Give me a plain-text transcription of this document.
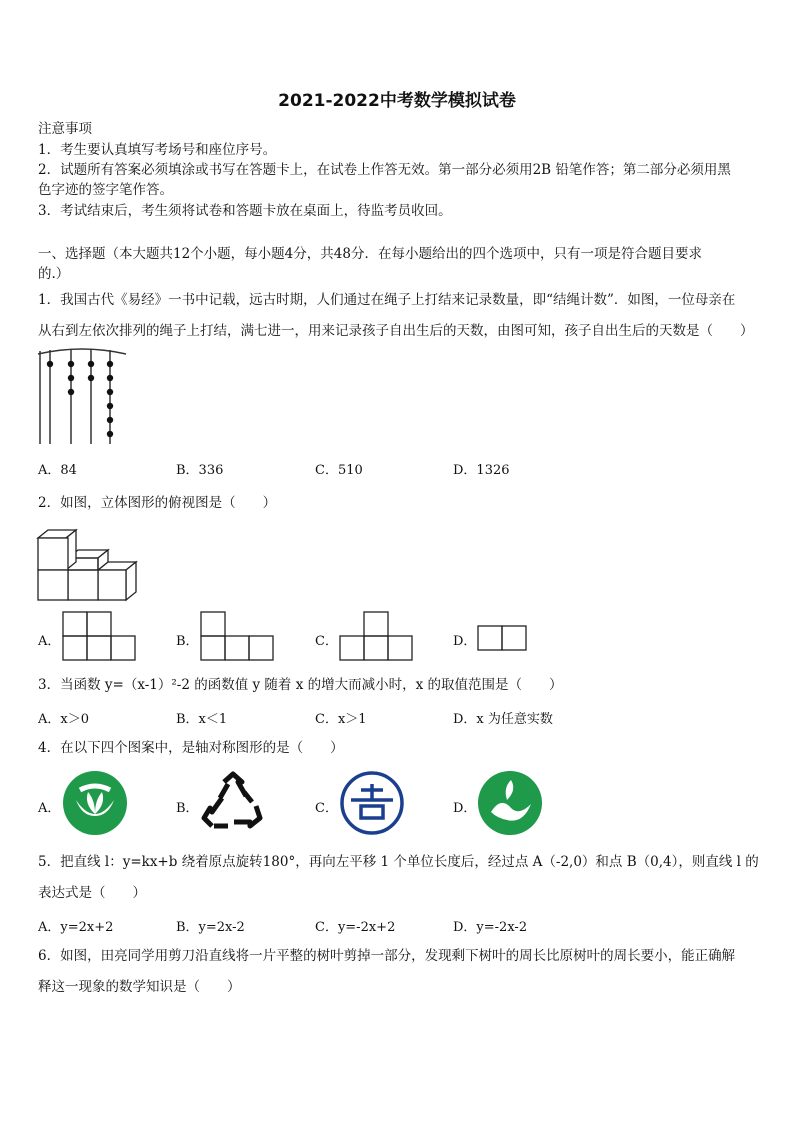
2021-2022中考数学模拟试卷
注意事项
1．考生要认真填写考场号和座位序号。
2．试题所有答案必须填涂或书写在答题卡上，在试卷上作答无效。第一部分必须用2B 铅笔作答；第二部分必须用黑
色字迹的签字笔作答。
3．考试结束后，考生须将试卷和答题卡放在桌面上，待监考员收回。
一、选择题（本大题共12个小题，每小题4分，共48分．在每小题给出的四个选项中，只有一项是符合题目要求
的.）
1．我国古代《易经》一书中记载，远古时期，人们通过在绳子上打结来记录数量，即“结绳计数”．如图，一位母亲在
从右到左依次排列的绳子上打结，满七进一，用来记录孩子自出生后的天数，由图可知，孩子自出生后的天数是（　　）
A．84	B．336	C．510	D．1326
2．如图，立体图形的俯视图是（　　）
A．	B．	C．	D．
3．当函数 y=（x-1）²-2 的函数值 y 随着 x 的增大而减小时，x 的取值范围是（　　）
A．x＞0	B．x＜1	C．x＞1	D．x 为任意实数
4．在以下四个图案中，是轴对称图形的是（　　）
A．	B．	C．	D．
5．把直线 l：y=kx+b 绕着原点旋转180°，再向左平移 1 个单位长度后，经过点 A（-2,0）和点 B（0,4），则直线 l 的
表达式是（　　）
A．y=2x+2	B．y=2x-2	C．y=-2x+2	D．y=-2x-2
6．如图，田亮同学用剪刀沿直线将一片平整的树叶剪掉一部分，发现剩下树叶的周长比原树叶的周长要小，能正确解
释这一现象的数学知识是（　　）
